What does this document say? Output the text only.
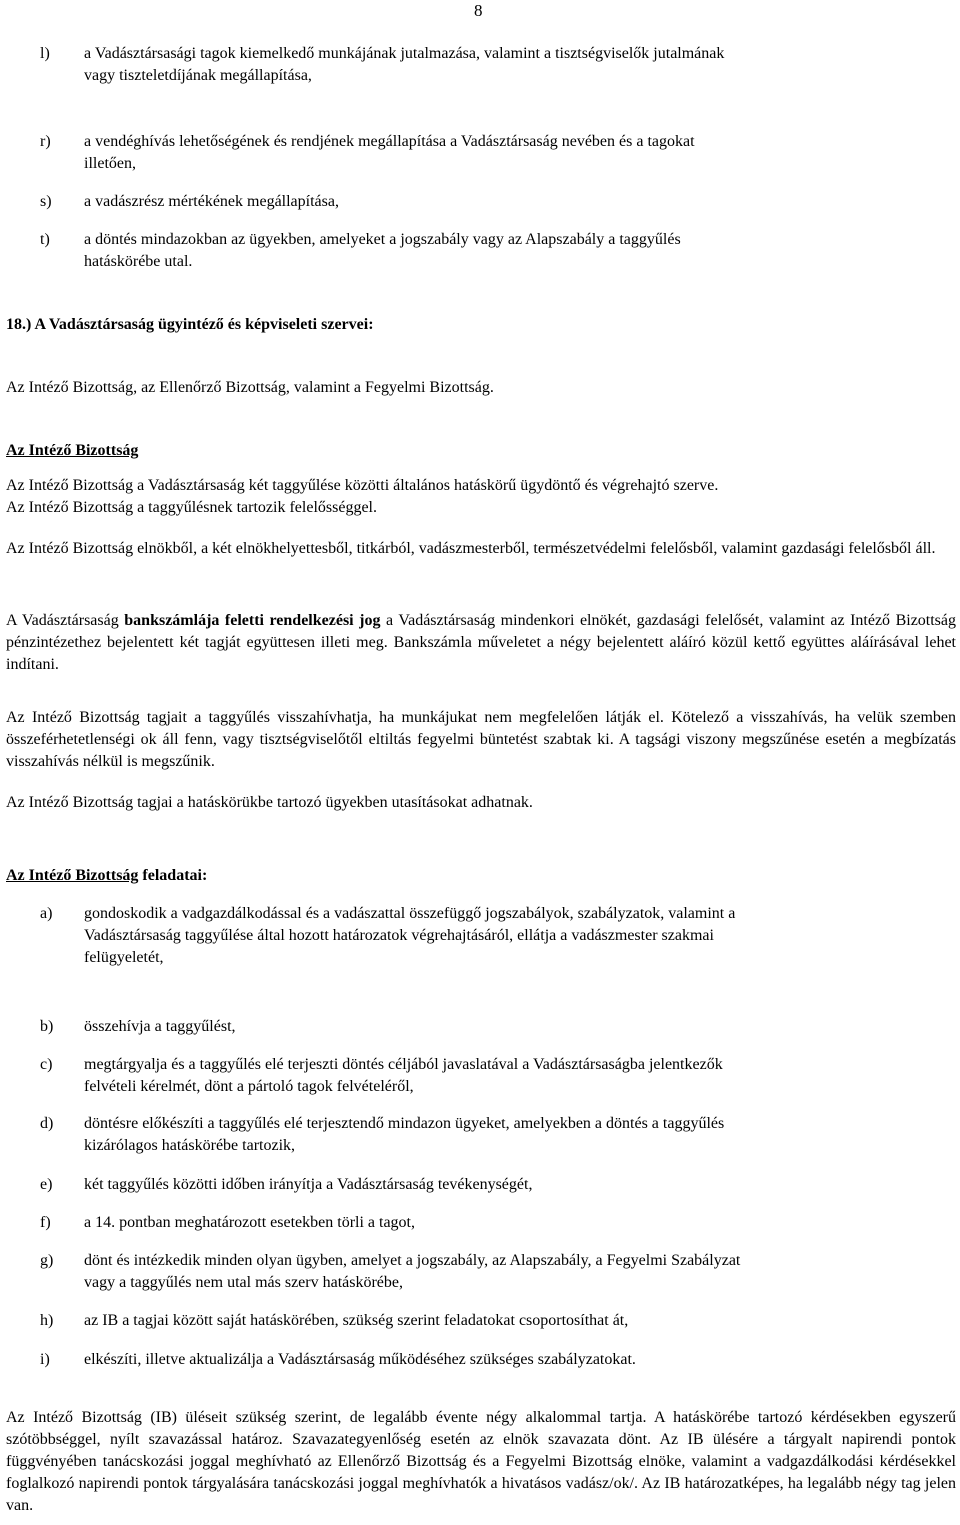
8
l) a Vadásztársasági tagok kiemelkedő munkájának jutalmazása, valamint a tisztségviselők jutalmának
vagy tiszteletdíjának megállapítása,
r) a vendéghívás lehetőségének és rendjének megállapítása a Vadásztársaság nevében és a tagokat
illetően,
s) a vadászrész mértékének megállapítása,
t) a döntés mindazokban az ügyekben, amelyeket a jogszabály vagy az Alapszabály a taggyűlés
hatáskörébe utal.
18.) A Vadásztársaság ügyintéző és képviseleti szervei:
Az Intéző Bizottság, az Ellenőrző Bizottság, valamint a Fegyelmi Bizottság.
Az Intéző Bizottság
Az Intéző Bizottság a Vadásztársaság két taggyűlése közötti általános hatáskörű ügydöntő és végrehajtó szerve.
Az Intéző Bizottság a taggyűlésnek tartozik felelősséggel.
Az Intéző Bizottság elnökből, a két elnökhelyettesből, titkárból, vadászmesterből, természetvédelmi felelősből, valamint gazdasági felelősből áll.
A Vadásztársaság bankszámlája feletti rendelkezési jog a Vadásztársaság mindenkori elnökét, gazdasági felelősét, valamint az Intéző Bizottság pénzintézethez bejelentett két tagját együttesen illeti meg. Bankszámla műveletet a négy bejelentett aláíró közül kettő együttes aláírásával lehet indítani.
Az Intéző Bizottság tagjait a taggyűlés visszahívhatja, ha munkájukat nem megfelelően látják el. Kötelező a visszahívás, ha velük szemben összeférhetetlenségi ok áll fenn, vagy tisztségviselőtől eltiltás fegyelmi büntetést szabtak ki. A tagsági viszony megszűnése esetén a megbízatás visszahívás nélkül is megszűnik.
Az Intéző Bizottság tagjai a hatáskörükbe tartozó ügyekben utasításokat adhatnak.
Az Intéző Bizottság feladatai:
a) gondoskodik a vadgazdálkodással és a vadászattal összefüggő jogszabályok, szabályzatok, valamint a
Vadásztársaság taggyűlése által hozott határozatok végrehajtásáról, ellátja a vadászmester szakmai
felügyeletét,
b) összehívja a taggyűlést,
c) megtárgyalja és a taggyűlés elé terjeszti döntés céljából javaslatával a Vadásztársaságba jelentkezők
felvételi kérelmét, dönt a pártoló tagok felvételéről,
d) döntésre előkészíti a taggyűlés elé terjesztendő mindazon ügyeket, amelyekben a döntés a taggyűlés
kizárólagos hatáskörébe tartozik,
e) két taggyűlés közötti időben irányítja a Vadásztársaság tevékenységét,
f) a 14. pontban meghatározott esetekben törli a tagot,
g) dönt és intézkedik minden olyan ügyben, amelyet a jogszabály, az Alapszabály, a Fegyelmi Szabályzat
vagy a taggyűlés nem utal más szerv hatáskörébe,
h) az IB a tagjai között saját hatáskörében, szükség szerint feladatokat csoportosíthat át,
i) elkészíti, illetve aktualizálja a Vadásztársaság működéséhez szükséges szabályzatokat.
Az Intéző Bizottság (IB) üléseit szükség szerint, de legalább évente négy alkalommal tartja. A hatáskörébe tartozó kérdésekben egyszerű szótöbbséggel, nyílt szavazással határoz. Szavazategyenlőség esetén az elnök szavazata dönt. Az IB ülésére a tárgyalt napirendi pontok függvényében tanácskozási joggal meghívható az Ellenőrző Bizottság és a Fegyelmi Bizottság elnöke, valamint a vadgazdálkodási kérdésekkel foglalkozó napirendi pontok tárgyalására tanácskozási joggal meghívhatók a hivatásos vadász/ok/. Az IB határozatképes, ha legalább négy tag jelen van.
